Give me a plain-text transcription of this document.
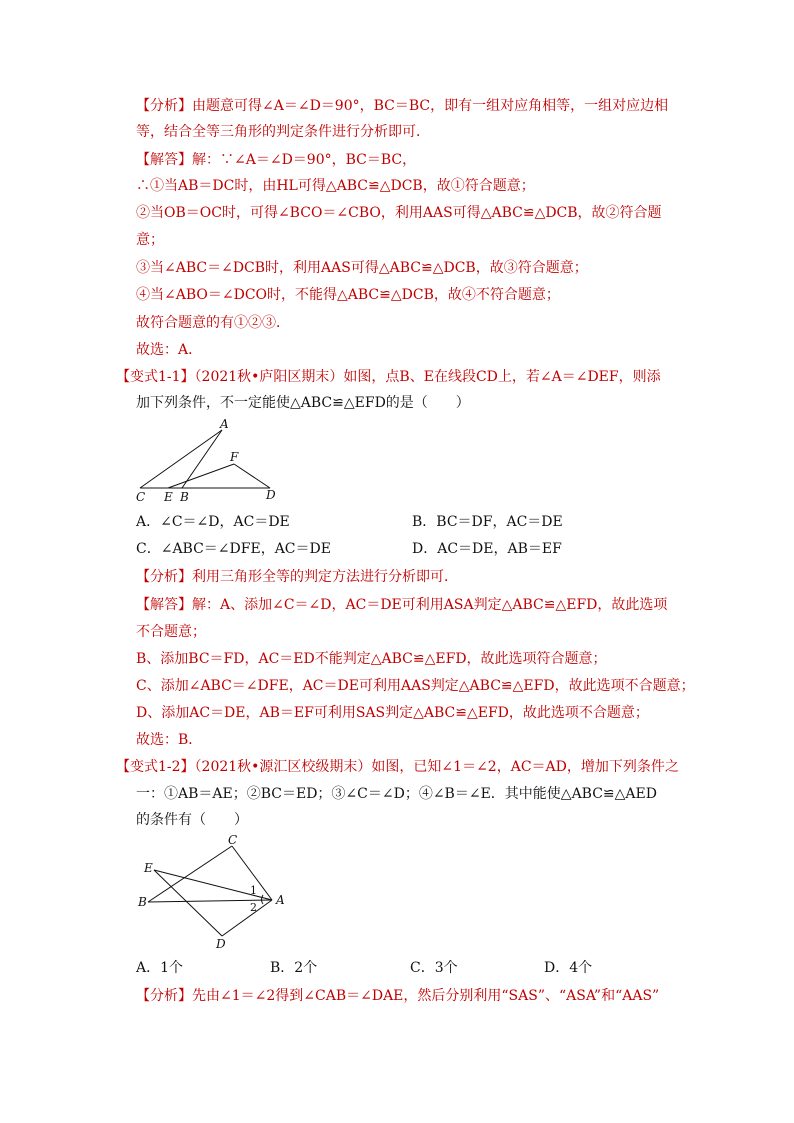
【分析】由题意可得∠A＝∠D＝90°，BC＝BC，即有一组对应角相等，一组对应边相
等，结合全等三角形的判定条件进行分析即可．
【解答】解：∵∠A＝∠D＝90°，BC＝BC，
∴①当AB＝DC时，由HL可得△ABC≌△DCB，故①符合题意；
②当OB＝OC时，可得∠BCO＝∠CBO，利用AAS可得△ABC≌△DCB，故②符合题
意；
③当∠ABC＝∠DCB时，利用AAS可得△ABC≌△DCB，故③符合题意；
④当∠ABO＝∠DCO时，不能得△ABC≌△DCB，故④不符合题意；
故符合题意的有①②③．
故选：A．
【变式1-1】（2021秋•庐阳区期末）如图，点B、E在线段CD上，若∠A＝∠DEF，则添
加下列条件，不一定能使△ABC≌△EFD的是（　　）
A
F
C E B	D
A．∠C＝∠D，AC＝DE	B．BC＝DF，AC＝DE
C．∠ABC＝∠DFE，AC＝DE	D．AC＝DE，AB＝EF
【分析】利用三角形全等的判定方法进行分析即可．
【解答】解：A、添加∠C＝∠D，AC＝DE可利用ASA判定△ABC≌△EFD，故此选项
不合题意；
B、添加BC＝FD，AC＝ED不能判定△ABC≌△EFD，故此选项符合题意；
C、添加∠ABC＝∠DFE，AC＝DE可利用AAS判定△ABC≌△EFD，故此选项不合题意；
D、添加AC＝DE，AB＝EF可利用SAS判定△ABC≌△EFD，故此选项不合题意；
故选：B．
【变式1-2】（2021秋•源汇区校级期末）如图，已知∠1＝∠2，AC＝AD，增加下列条件之
一：①AB＝AE；②BC＝ED；③∠C＝∠D；④∠B＝∠E．其中能使△ABC≌△AED
的条件有（　　）
C
E
B	A
D
1
2
A．1个	B．2个	C．3个	D．4个
【分析】先由∠1＝∠2得到∠CAB＝∠DAE，然后分别利用“SAS”、“ASA”和“AAS”
